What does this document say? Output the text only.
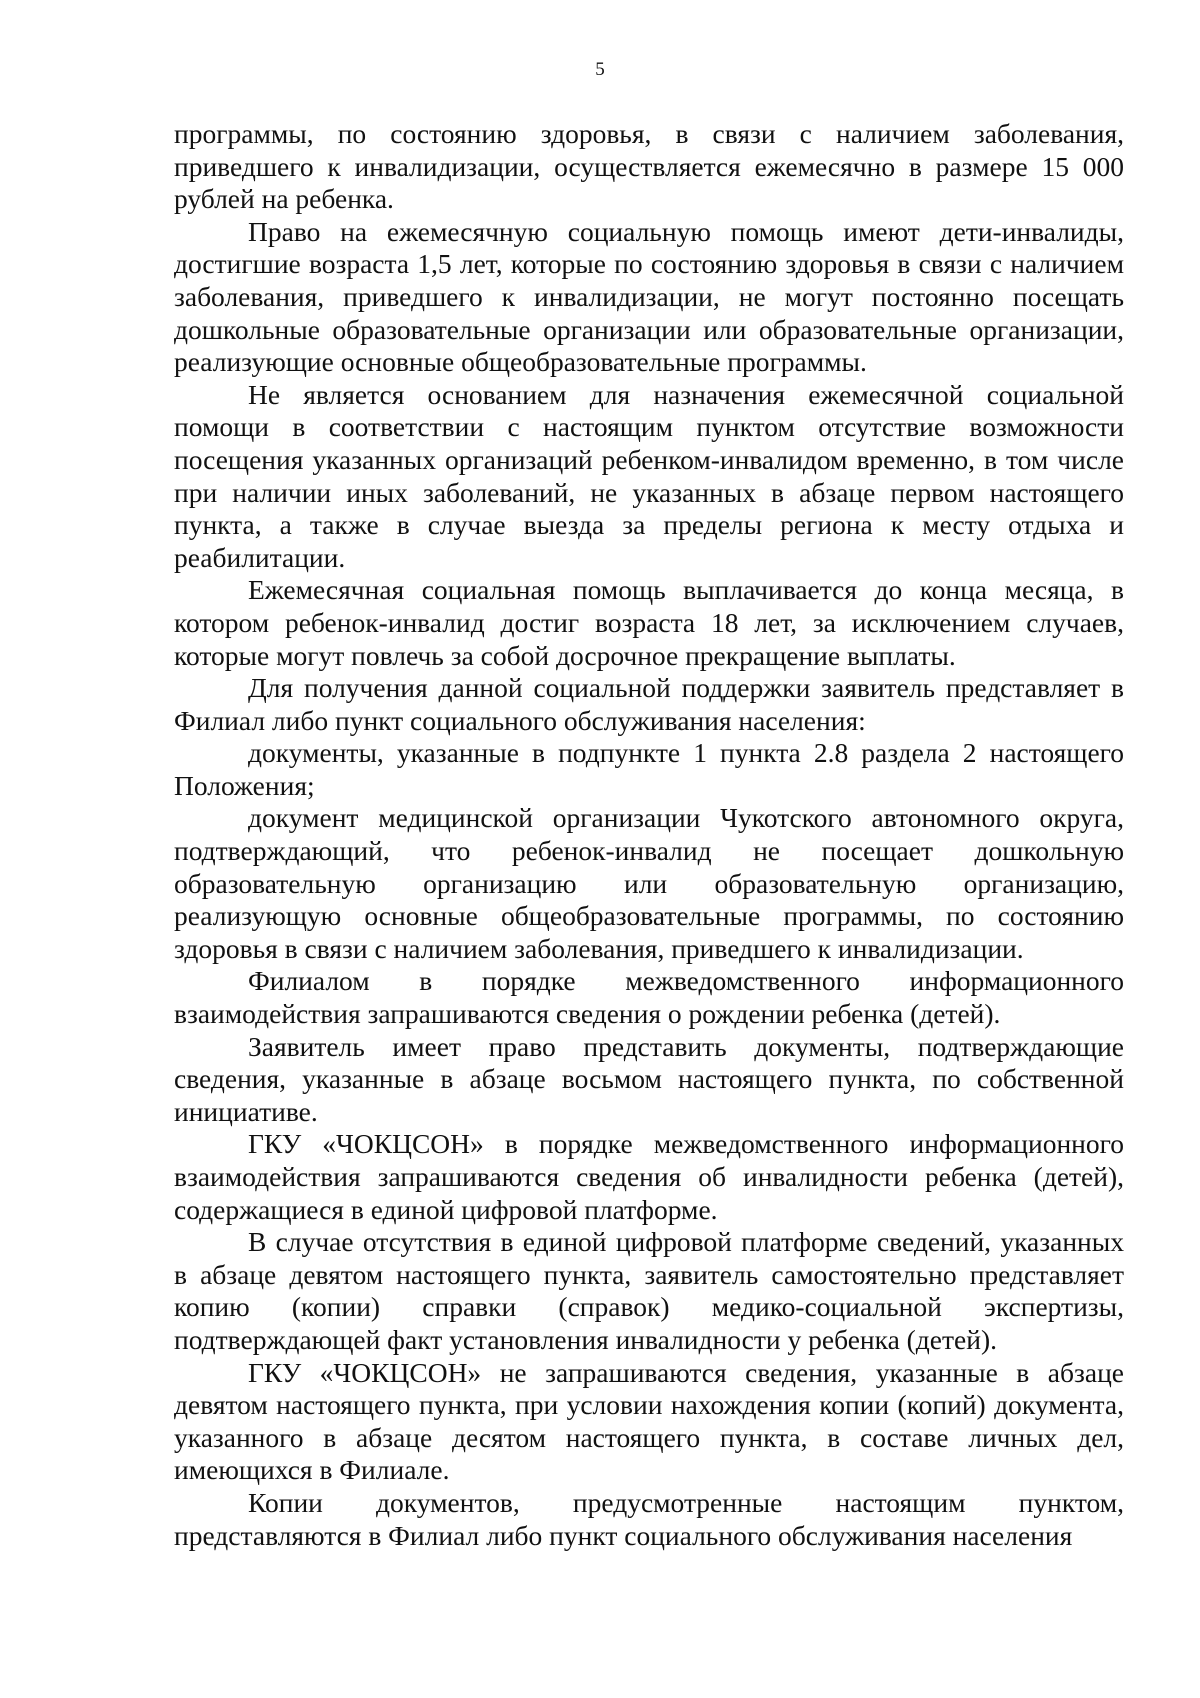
5

программы, по состоянию здоровья, в связи с наличием заболевания, приведшего к инвалидизации, осуществляется ежемесячно в размере 15 000 рублей на ребенка.

Право на ежемесячную социальную помощь имеют дети-инвалиды, достигшие возраста 1,5 лет, которые по состоянию здоровья в связи с наличием заболевания, приведшего к инвалидизации, не могут постоянно посещать дошкольные образовательные организации или образовательные организации, реализующие основные общеобразовательные программы.

Не является основанием для назначения ежемесячной социальной помощи в соответствии с настоящим пунктом отсутствие возможности посещения указанных организаций ребенком-инвалидом временно, в том числе при наличии иных заболеваний, не указанных в абзаце первом настоящего пункта, а также в случае выезда за пределы региона к месту отдыха и реабилитации.

Ежемесячная социальная помощь выплачивается до конца месяца, в котором ребенок-инвалид достиг возраста 18 лет, за исключением случаев, которые могут повлечь за собой досрочное прекращение выплаты.

Для получения данной социальной поддержки заявитель представляет в Филиал либо пункт социального обслуживания населения:

документы, указанные в подпункте 1 пункта 2.8 раздела 2 настоящего Положения;

документ медицинской организации Чукотского автономного округа, подтверждающий, что ребенок-инвалид не посещает дошкольную образовательную организацию или образовательную организацию, реализующую основные общеобразовательные программы, по состоянию здоровья в связи с наличием заболевания, приведшего к инвалидизации.

Филиалом в порядке межведомственного информационного взаимодействия запрашиваются сведения о рождении ребенка (детей).

Заявитель имеет право представить документы, подтверждающие сведения, указанные в абзаце восьмом настоящего пункта, по собственной инициативе.

ГКУ «ЧОКЦСОН» в порядке межведомственного информационного взаимодействия запрашиваются сведения об инвалидности ребенка (детей), содержащиеся в единой цифровой платформе.

В случае отсутствия в единой цифровой платформе сведений, указанных в абзаце девятом настоящего пункта, заявитель самостоятельно представляет копию (копии) справки (справок) медико-социальной экспертизы, подтверждающей факт установления инвалидности у ребенка (детей).

ГКУ «ЧОКЦСОН» не запрашиваются сведения, указанные в абзаце девятом настоящего пункта, при условии нахождения копии (копий) документа, указанного в абзаце десятом настоящего пункта, в составе личных дел, имеющихся в Филиале.

Копии документов, предусмотренные настоящим пунктом, представляются в Филиал либо пункт социального обслуживания населения
